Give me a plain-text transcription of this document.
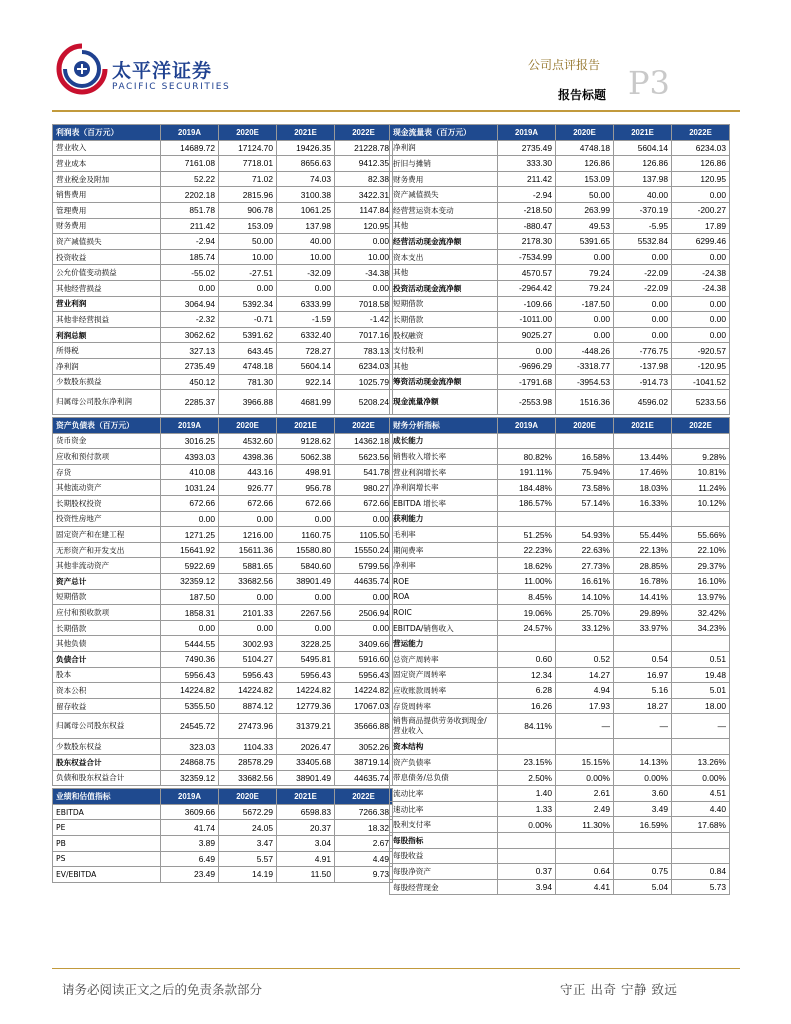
太平洋证券
PACIFIC SECURITIES
公司点评报告
报告标题 P3
利润表（百万元）	2019A	2020E	2021E	2022E
营业收入	14689.72	17124.70	19426.35	21228.78
营业成本	7161.08	7718.01	8656.63	9412.35
营业税金及附加	52.22	71.02	74.03	82.38
销售费用	2202.18	2815.96	3100.38	3422.31
管理费用	851.78	906.78	1061.25	1147.84
财务费用	211.42	153.09	137.98	120.95
资产减值损失	-2.94	50.00	40.00	0.00
投资收益	185.74	10.00	10.00	10.00
公允价值变动损益	-55.02	-27.51	-32.09	-34.38
其他经营损益	0.00	0.00	0.00	0.00
营业利润	3064.94	5392.34	6333.99	7018.58
其他非经营损益	-2.32	-0.71	-1.59	-1.42
利润总额	3062.62	5391.62	6332.40	7017.16
所得税	327.13	643.45	728.27	783.13
净利润	2735.49	4748.18	5604.14	6234.03
少数股东损益	450.12	781.30	922.14	1025.79
归属母公司股东净利润	2285.37	3966.88	4681.99	5208.24
资产负债表（百万元）	2019A	2020E	2021E	2022E
货币资金	3016.25	4532.60	9128.62	14362.18
应收和预付款项	4393.03	4398.36	5062.38	5623.56
存货	410.08	443.16	498.91	541.78
其他流动资产	1031.24	926.77	956.78	980.27
长期股权投资	672.66	672.66	672.66	672.66
投资性房地产	0.00	0.00	0.00	0.00
固定资产和在建工程	1271.25	1216.00	1160.75	1105.50
无形资产和开发支出	15641.92	15611.36	15580.80	15550.24
其他非流动资产	5922.69	5881.65	5840.60	5799.56
资产总计	32359.12	33682.56	38901.49	44635.74
短期借款	187.50	0.00	0.00	0.00
应付和预收款项	1858.31	2101.33	2267.56	2506.94
长期借款	0.00	0.00	0.00	0.00
其他负债	5444.55	3002.93	3228.25	3409.66
负债合计	7490.36	5104.27	5495.81	5916.60
股本	5956.43	5956.43	5956.43	5956.43
资本公积	14224.82	14224.82	14224.82	14224.82
留存收益	5355.50	8874.12	12779.36	17067.03
归属母公司股东权益	24545.72	27473.96	31379.21	35666.88
少数股东权益	323.03	1104.33	2026.47	3052.26
股东权益合计	24868.75	28578.29	33405.68	38719.14
负债和股东权益合计	32359.12	33682.56	38901.49	44635.74
业绩和估值指标	2019A	2020E	2021E	2022E
EBITDA	3609.66	5672.29	6598.83	7266.38
PE	41.74	24.05	20.37	18.32
PB	3.89	3.47	3.04	2.67
PS	6.49	5.57	4.91	4.49
EV/EBITDA	23.49	14.19	11.50	9.73
现金流量表（百万元）	2019A	2020E	2021E	2022E
净利润	2735.49	4748.18	5604.14	6234.03
折旧与摊销	333.30	126.86	126.86	126.86
财务费用	211.42	153.09	137.98	120.95
资产减值损失	-2.94	50.00	40.00	0.00
经营营运资本变动	-218.50	263.99	-370.19	-200.27
其他	-880.47	49.53	-5.95	17.89
经营活动现金流净额	2178.30	5391.65	5532.84	6299.46
资本支出	-7534.99	0.00	0.00	0.00
其他	4570.57	79.24	-22.09	-24.38
投资活动现金流净额	-2964.42	79.24	-22.09	-24.38
短期借款	-109.66	-187.50	0.00	0.00
长期借款	-1011.00	0.00	0.00	0.00
股权融资	9025.27	0.00	0.00	0.00
支付股利	0.00	-448.26	-776.75	-920.57
其他	-9696.29	-3318.77	-137.98	-120.95
筹资活动现金流净额	-1791.68	-3954.53	-914.73	-1041.52
现金流量净额	-2553.98	1516.36	4596.02	5233.56
财务分析指标	2019A	2020E	2021E	2022E
成长能力				
销售收入增长率	80.82%	16.58%	13.44%	9.28%
营业利润增长率	191.11%	75.94%	17.46%	10.81%
净利润增长率	184.48%	73.58%	18.03%	11.24%
EBITDA 增长率	186.57%	57.14%	16.33%	10.12%
获利能力				
毛利率	51.25%	54.93%	55.44%	55.66%
期间费率	22.23%	22.63%	22.13%	22.10%
净利率	18.62%	27.73%	28.85%	29.37%
ROE	11.00%	16.61%	16.78%	16.10%
ROA	8.45%	14.10%	14.41%	13.97%
ROIC	19.06%	25.70%	29.89%	32.42%
EBITDA/销售收入	24.57%	33.12%	33.97%	34.23%
营运能力				
总资产周转率	0.60	0.52	0.54	0.51
固定资产周转率	12.34	14.27	16.97	19.48
应收账款周转率	6.28	4.94	5.16	5.01
存货周转率	16.26	17.93	18.27	18.00
销售商品提供劳务收到现金/营业收入	84.11%	—	—	—
资本结构				
资产负债率	23.15%	15.15%	14.13%	13.26%
带息债务/总负债	2.50%	0.00%	0.00%	0.00%
流动比率	1.40	2.61	3.60	4.51
速动比率	1.33	2.49	3.49	4.40
股利支付率	0.00%	11.30%	16.59%	17.68%
每股指标				
每股收益				
每股净资产	0.37	0.64	0.75	0.84
每股经营现金	3.94	4.41	5.04	5.73
请务必阅读正文之后的免责条款部分	守正 出奇 宁静 致远
